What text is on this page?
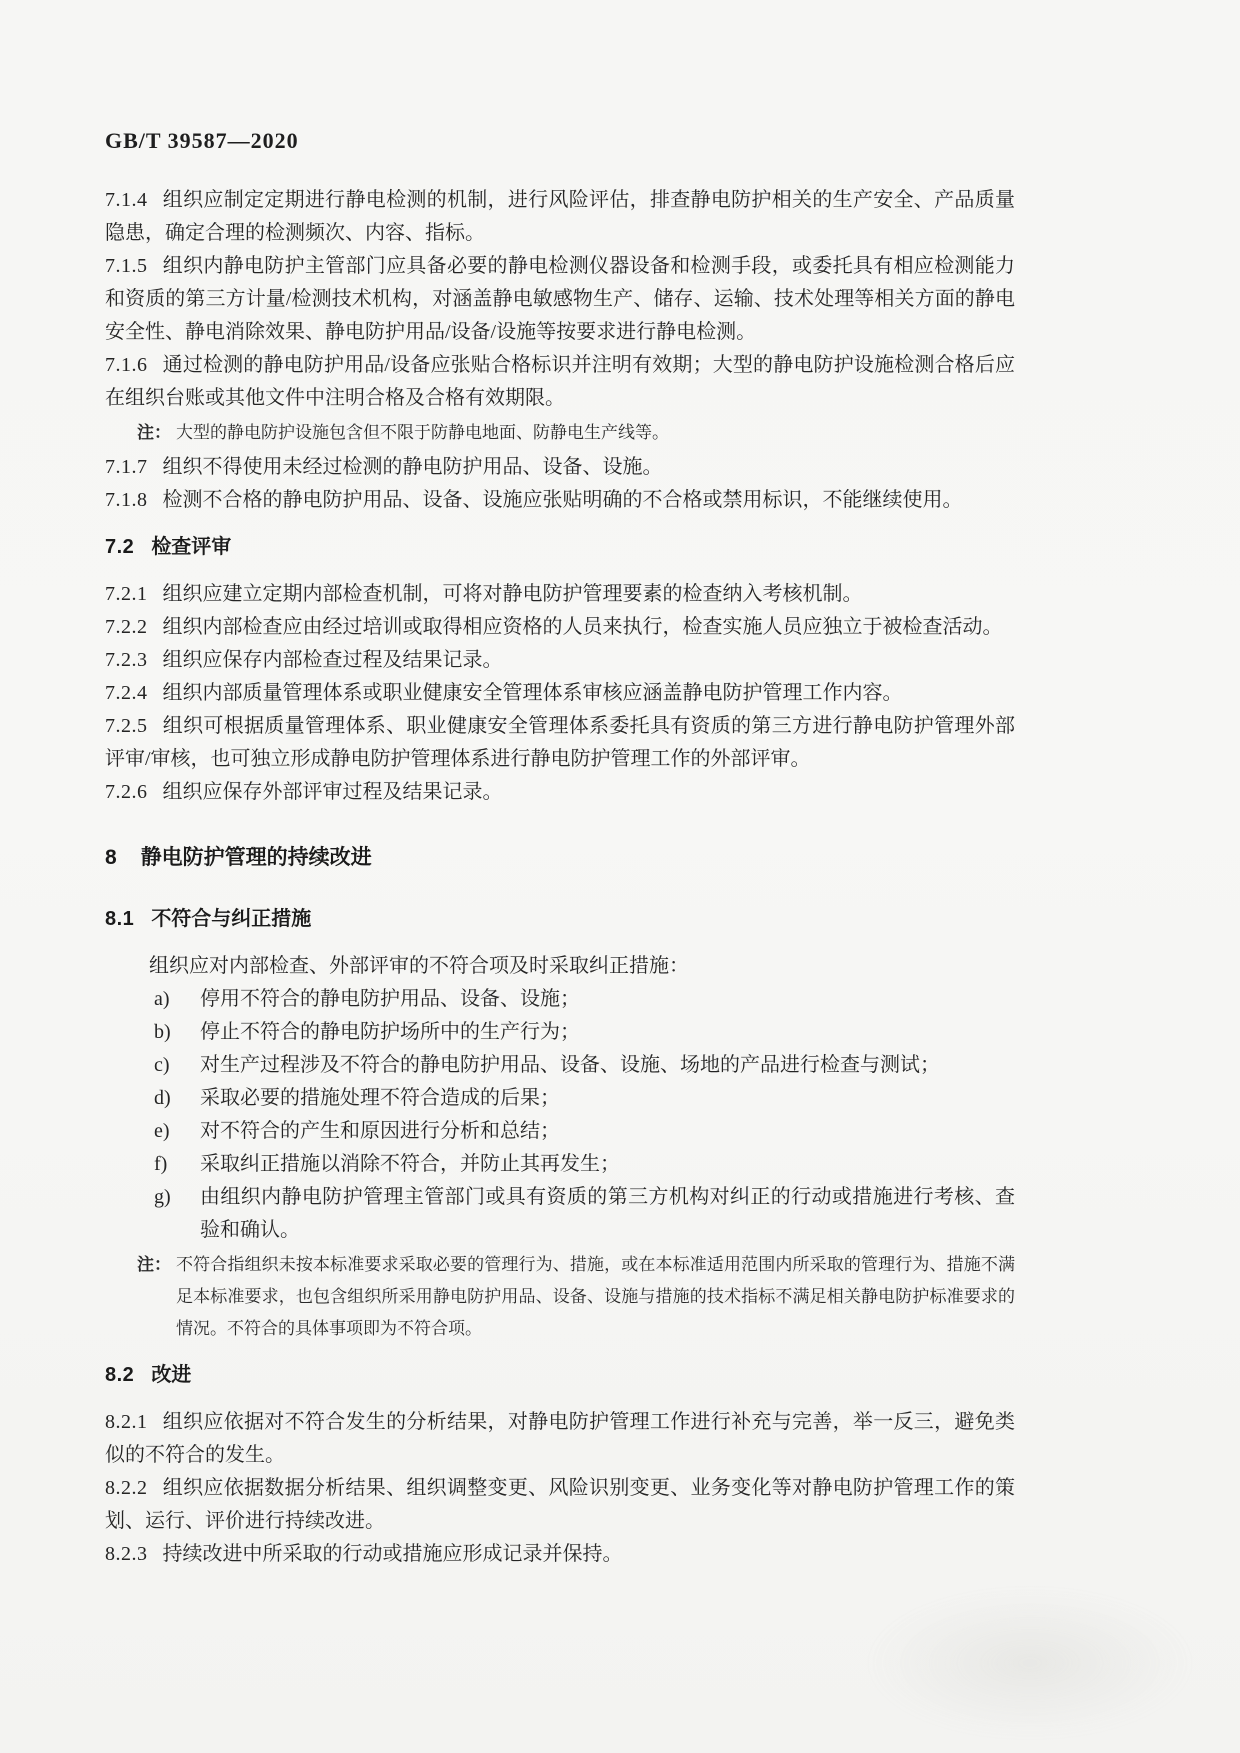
GB/T 39587—2020

7.1.4 组织应制定定期进行静电检测的机制，进行风险评估，排查静电防护相关的生产安全、产品质量隐患，确定合理的检测频次、内容、指标。

7.1.5 组织内静电防护主管部门应具备必要的静电检测仪器设备和检测手段，或委托具有相应检测能力和资质的第三方计量/检测技术机构，对涵盖静电敏感物生产、储存、运输、技术处理等相关方面的静电安全性、静电消除效果、静电防护用品/设备/设施等按要求进行静电检测。

7.1.6 通过检测的静电防护用品/设备应张贴合格标识并注明有效期；大型的静电防护设施检测合格后应在组织台账或其他文件中注明合格及合格有效期限。

注： 大型的静电防护设施包含但不限于防静电地面、防静电生产线等。

7.1.7 组织不得使用未经过检测的静电防护用品、设备、设施。

7.1.8 检测不合格的静电防护用品、设备、设施应张贴明确的不合格或禁用标识，不能继续使用。

7.2 检查评审

7.2.1 组织应建立定期内部检查机制，可将对静电防护管理要素的检查纳入考核机制。

7.2.2 组织内部检查应由经过培训或取得相应资格的人员来执行，检查实施人员应独立于被检查活动。

7.2.3 组织应保存内部检查过程及结果记录。

7.2.4 组织内部质量管理体系或职业健康安全管理体系审核应涵盖静电防护管理工作内容。

7.2.5 组织可根据质量管理体系、职业健康安全管理体系委托具有资质的第三方进行静电防护管理外部评审/审核，也可独立形成静电防护管理体系进行静电防护管理工作的外部评审。

7.2.6 组织应保存外部评审过程及结果记录。

8 静电防护管理的持续改进
8.1 不符合与纠正措施

组织应对内部检查、外部评审的不符合项及时采取纠正措施：

a)	停用不符合的静电防护用品、设备、设施；
b)	停止不符合的静电防护场所中的生产行为；
c)	对生产过程涉及不符合的静电防护用品、设备、设施、场地的产品进行检查与测试；
d)	采取必要的措施处理不符合造成的后果；
e)	对不符合的产生和原因进行分析和总结；
f)	采取纠正措施以消除不符合，并防止其再发生；
g)	由组织内静电防护管理主管部门或具有资质的第三方机构对纠正的行动或措施进行考核、查验和确认。
注： 不符合指组织未按本标准要求采取必要的管理行为、措施，或在本标准适用范围内所采取的管理行为、措施不满足本标准要求，也包含组织所采用静电防护用品、设备、设施与措施的技术指标不满足相关静电防护标准要求的情况。不符合的具体事项即为不符合项。
8.2 改进

8.2.1 组织应依据对不符合发生的分析结果，对静电防护管理工作进行补充与完善，举一反三，避免类似的不符合的发生。

8.2.2 组织应依据数据分析结果、组织调整变更、风险识别变更、业务变化等对静电防护管理工作的策划、运行、评价进行持续改进。

8.2.3 持续改进中所采取的行动或措施应形成记录并保持。
